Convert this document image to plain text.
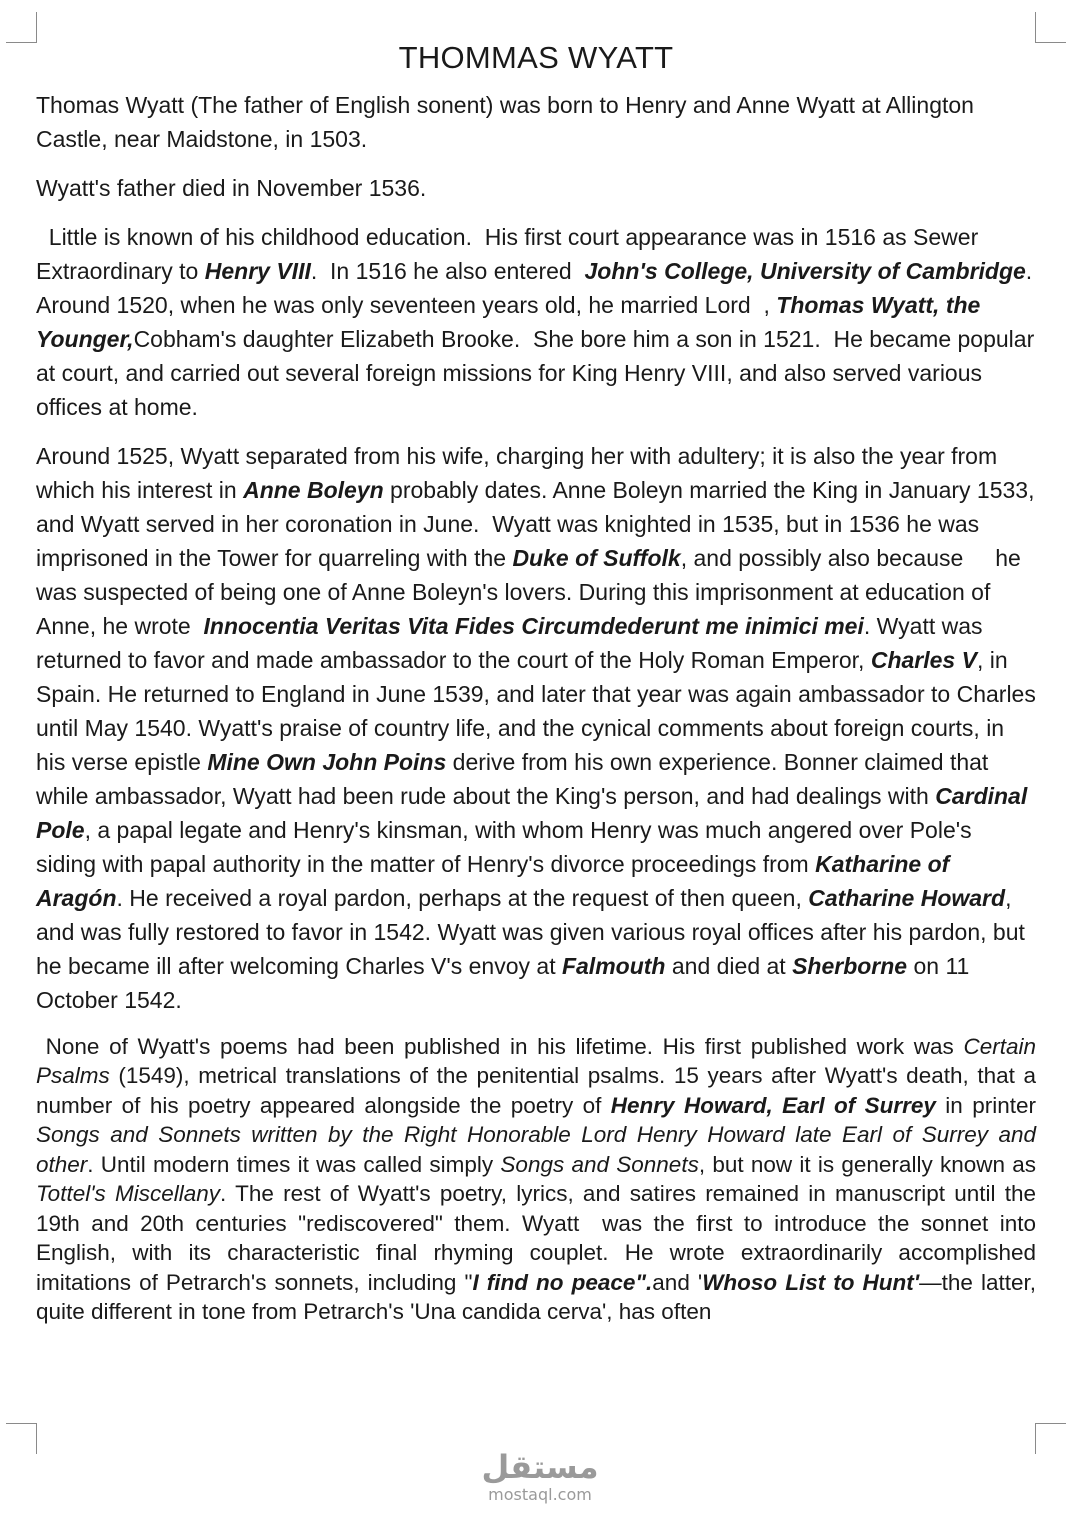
THOMMAS WYATT

Thomas Wyatt (The father of English sonent) was born to Henry and Anne Wyatt at Allington Castle, near Maidstone, in 1503.

Wyatt's father died in November 1536.

Little is known of his childhood education.  His first court appearance was in 1516 as Sewer Extraordinary to Henry VIII.  In 1516 he also entered  John's College, University of Cambridge. Around 1520, when he was only seventeen years old, he married Lord  , Thomas Wyatt, the Younger,Cobham's daughter Elizabeth Brooke.  She bore him a son in 1521.  He became popular at court, and carried out several foreign missions for King Henry VIII, and also served various offices at home.

Around 1525, Wyatt separated from his wife, charging her with adultery; it is also the year from    which his interest in Anne Boleyn probably dates. Anne Boleyn married the King in January 1533, and Wyatt served in her coronation in June.  Wyatt was knighted in 1535, but in 1536 he was imprisoned in the Tower for quarreling with the Duke of Suffolk, and possibly also because     he was suspected of being one of Anne Boleyn's lovers. During this imprisonment at education of Anne, he wrote  Innocentia Veritas Vita Fides Circumdederunt me inimici mei. Wyatt was returned to favor and made ambassador to the court of the Holy Roman Emperor, Charles V, in Spain. He returned to England in June 1539, and later that year was again ambassador to Charles until May 1540. Wyatt's praise of country life, and the cynical comments about foreign courts, in his verse epistle Mine Own John Poins derive from his own experience. Bonner claimed that while ambassador, Wyatt had been rude about the King's person, and had dealings with Cardinal Pole, a papal legate and Henry's kinsman, with whom Henry was much angered over Pole's siding with papal authority in the matter of Henry's divorce proceedings from Katharine of Aragón. He received a royal pardon, perhaps at the request of then queen, Catharine Howard, and was fully restored to favor in 1542. Wyatt was given various royal offices after his pardon, but he became ill after welcoming Charles V's envoy at Falmouth and died at Sherborne on 11 October 1542.

None of Wyatt's poems had been published in his lifetime. His first published work was Certain Psalms (1549), metrical translations of the penitential psalms. 15 years after Wyatt's death, that a number of his poetry appeared alongside the poetry of Henry Howard, Earl of Surrey in printer Songs and Sonnets written by the Right Honorable Lord Henry Howard late Earl of Surrey and other. Until modern times it was called simply Songs and Sonnets, but now it is generally known as Tottel's Miscellany. The rest of Wyatt's poetry, lyrics, and satires remained in manuscript until the 19th and 20th centuries "rediscovered" them. Wyatt  was the first to introduce the sonnet into English, with its characteristic final rhyming couplet. He wrote extraordinarily accomplished imitations of Petrarch's sonnets, including "I find no peace".and 'Whoso List to Hunt'—the latter, quite different in tone from Petrarch's 'Una candida cerva', has often

مستقل
mostaql.com
